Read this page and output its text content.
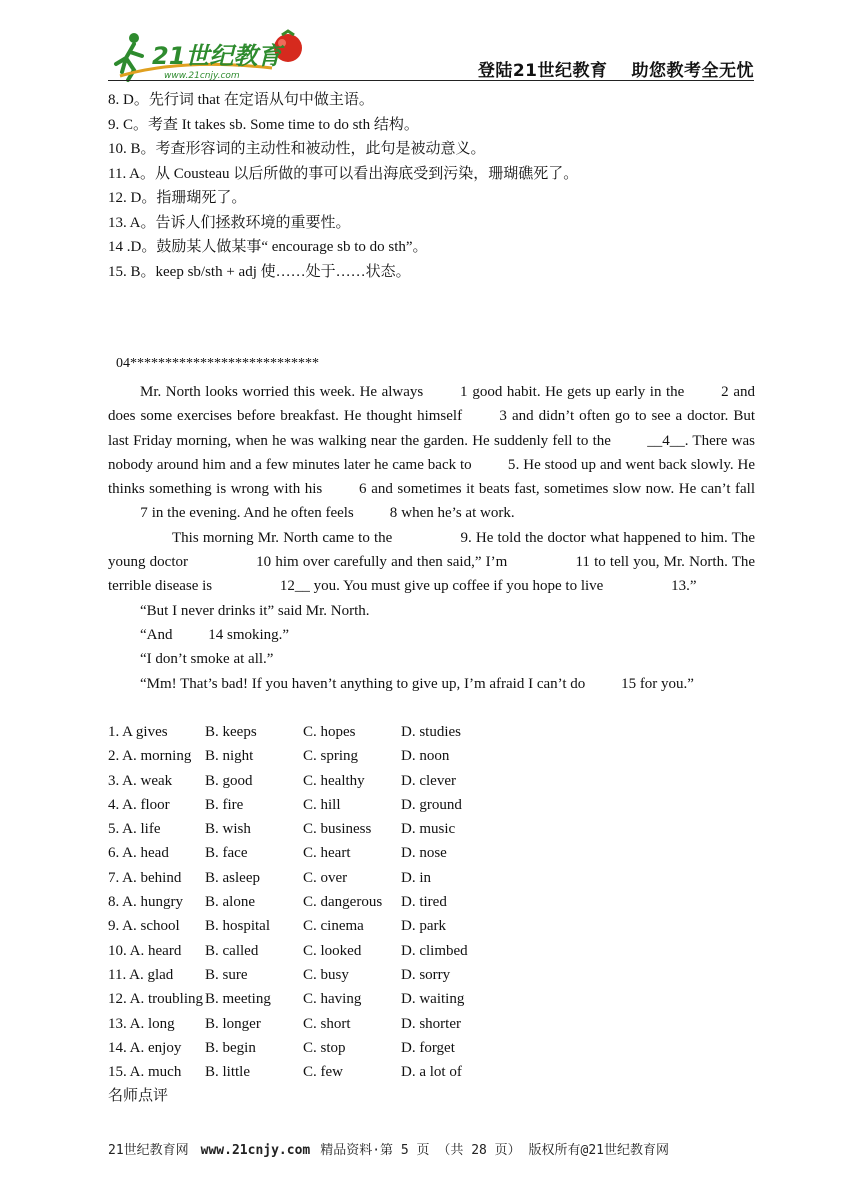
21世纪教育
www.21cnjy.com	登陆21世纪教育 助您教考全无忧
8. D。先行词 that 在定语从句中做主语。
9. C。考查 It takes sb. Some time to do sth 结构。
10. B。考查形容词的主动性和被动性，此句是被动意义。
11. A。从 Cousteau 以后所做的事可以看出海底受到污染，珊瑚礁死了。
12. D。指珊瑚死了。
13. A。告诉人们拯救环境的重要性。
14 .D。鼓励某人做某事“ encourage sb to do sth”。
15. B。keep sb/sth + adj 使……处于……状态。
04***************************

Mr. North looks worried this week. He always 1 good habit. He gets up early in the 2 and does some exercises before breakfast. He thought himself 3 and didn’t often go to see a doctor. But last Friday morning, when he was walking near the garden. He suddenly fell to the __4__. There was nobody around him and a few minutes later he came back to 5. He stood up and went back slowly. He thinks something is wrong with his 6 and sometimes it beats fast, sometimes slow now. He can’t fall 7 in the evening. And he often feels 8 when he’s at work.

This morning Mr. North came to the	9. He told the doctor what happened to him. The young doctor	10 him over carefully and then said,” I’m	11 to tell you, Mr. North. The terrible disease is	12__ you. You must give up coffee if you hope to live	13.”

“But I never drinks it” said Mr. North.

“And 14 smoking.”

“I don’t smoke at all.”

“Mm! That’s bad! If you haven’t anything to give up, I’m afraid I can’t do 15 for you.”

1. A gives	B. keeps	C. hopes	D. studies
2. A. morning B. night	C. spring	D. noon
3. A. weak	B. good	C. healthy	D. clever
4. A. floor	B. fire	C. hill	D. ground
5. A. life	B. wish	C. business	D. music
6. A. head	B. face	C. heart	D. nose
7. A. behind	B. asleep	C. over	D. in
8. A. hungry	B. alone	C. dangerous	D. tired
9. A. school	B. hospital	C. cinema	D. park
10. A. heard	B. called	C. looked	D. climbed
11. A. glad	B. sure	C. busy	D. sorry
12. A. troubling B. meeting	C. having	D. waiting
13. A. long	B. longer	C. short	D. shorter
14. A. enjoy	B. begin	C. stop	D. forget
15. A. much	B. little	C. few	D. a lot of
名师点评
21世纪教育网 www.21cnjy.com 精品资料·第 5 页 （共 28 页） 版权所有@21世纪教育网
